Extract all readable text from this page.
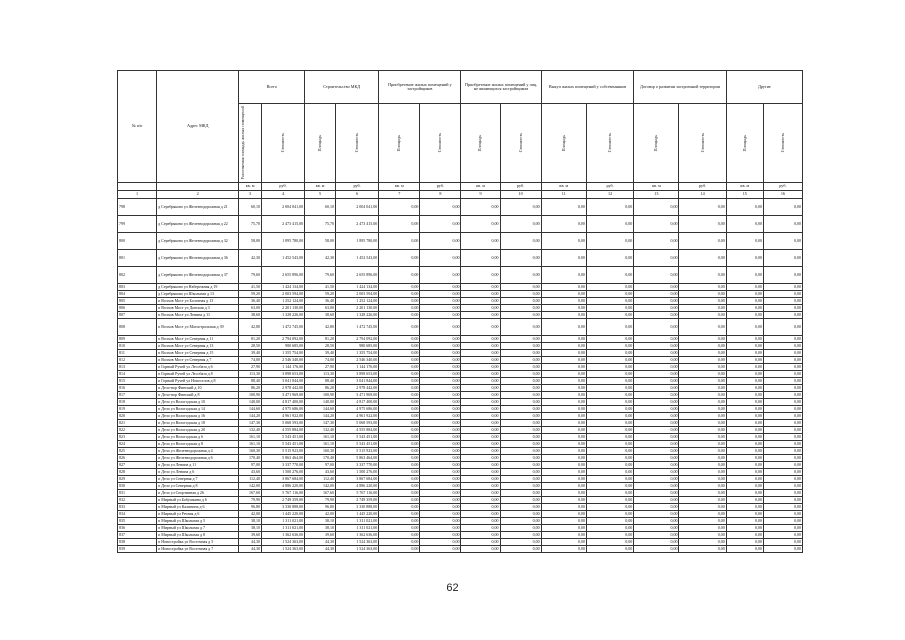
№ п/п	Адрес МКД	Всего		Строительство МКД		Приобретение жилых помещений у застройщиков		Приобретение жилых помещений у лиц, не являющихся застройщиком		Выкуп жилых помещений у собственников		Договор о развитии застроенной территории		Другие	

		Расселяемая площадь жилых помещений	Стоимость	Площадь	Стоимость	Площадь	Стоимость	Площадь	Стоимость	Площадь	Стоимость	Площадь	Стоимость	Площадь	Стоимость

		кв. м	руб.	кв. м	руб.	кв. м	руб.	кв. м	руб.	кв. м	руб.	кв. м	руб.	кв. м	руб.
1	2	3	4	5	6	7	8	9	10	11	12	13	14	15	16
798	д Серебряково ул Железнодорожная д 21	60,10	2 004 041,00	60,10	2 004 041,00	0,00	0,00	0,00	0,00	0,00	0,00	0,00	0,00	0,00	0,00
799	д Серебряково ул Железнодорожная д 22	75,70	2 473 415,00	75,70	2 473 415,00	0,00	0,00	0,00	0,00	0,00	0,00	0,00	0,00	0,00	0,00
800	д Серебряково ул Железнодорожная д 32	58,00	1 895 780,00	58,00	1 895 780,00	0,00	0,00	0,00	0,00	0,00	0,00	0,00	0,00	0,00	0,00
801	д Серебряково ул Железнодорожная д 36	42,30	1 452 543,00	42,30	1 452 543,00	0,00	0,00	0,00	0,00	0,00	0,00	0,00	0,00	0,00	0,00
802	д Серебряково ул Железнодорожная д 37	79,60	2 655 896,00	79,60	2 655 896,00	0,00	0,00	0,00	0,00	0,00	0,00	0,00	0,00	0,00	0,00
803	д Серебряково ул Набережная д 19	41,50	1 424 134,00	41,50	1 424 134,00	0,00	0,00	0,00	0,00	0,00	0,00	0,00	0,00	0,00	0,00
804	д Серебряково ул Школьная д 13	59,20	2 003 594,00	59,20	2 003 594,00	0,00	0,00	0,00	0,00	0,00	0,00	0,00	0,00	0,00	0,00
805	п Волхов Мост ул Болотная д 13	36,40	1 252 124,00	36,40	1 252 124,00	0,00	0,00	0,00	0,00	0,00	0,00	0,00	0,00	0,00	0,00
806	п Волхов Мост ул Донская д 3	63,00	2 201 130,00	63,00	2 201 130,00	0,00	0,00	0,00	0,00	0,00	0,00	0,00	0,00	0,00	0,00
807	п Волхов Мост ул Ленина д 11	38,60	1 328 226,00	38,60	1 328 226,00	0,00	0,00	0,00	0,00	0,00	0,00	0,00	0,00	0,00	0,00
808	п Волхов Мост ул Магистральная д 39	42,80	1 472 745,00	42,80	1 472 745,00	0,00	0,00	0,00	0,00	0,00	0,00	0,00	0,00	0,00	0,00
809	п Волхов Мост ул Северная д 11	81,20	2 794 092,00	81,20	2 794 092,00	0,00	0,00	0,00	0,00	0,00	0,00	0,00	0,00	0,00	0,00
810	п Волхов Мост ул Северная д 13	28,50	980 685,00	28,50	980 685,00	0,00	0,00	0,00	0,00	0,00	0,00	0,00	0,00	0,00	0,00
811	п Волхов Мост ул Северная д 15	39,40	1 355 754,00	39,40	1 355 754,00	0,00	0,00	0,00	0,00	0,00	0,00	0,00	0,00	0,00	0,00
812	п Волхов Мост ул Северная д 7	74,00	2 546 340,00	74,00	2 546 340,00	0,00	0,00	0,00	0,00	0,00	0,00	0,00	0,00	0,00	0,00
813	п Горный Ручей ул Лесобаза д 6	27,90	1 144 176,00	27,90	1 144 176,00	0,00	0,00	0,00	0,00	0,00	0,00	0,00	0,00	0,00	0,00
814	п Горный Ручей ул Лесобаза д 8	113,30	3 898 653,00	113,30	3 898 653,00	0,00	0,00	0,00	0,00	0,00	0,00	0,00	0,00	0,00	0,00
815	п Горный Ручей ул Новоселов д 8	88,40	3 041 844,00	88,40	3 041 844,00	0,00	0,00	0,00	0,00	0,00	0,00	0,00	0,00	0,00	0,00
816	п Дело-вор Финский д 10	86,20	2 978 442,00	86,20	2 978 442,00	0,00	0,00	0,00	0,00	0,00	0,00	0,00	0,00	0,00	0,00
817	п Дело-вор Финский д 8	100,90	3 471 969,00	100,90	3 471 969,00	0,00	0,00	0,00	0,00	0,00	0,00	0,00	0,00	0,00	0,00
818	п Дело ул Вологодская д 10	140,00	4 817 400,00	140,00	4 817 400,00	0,00	0,00	0,00	0,00	0,00	0,00	0,00	0,00	0,00	0,00
819	п Дело ул Вологодская д 14	144,60	4 975 686,00	144,60	4 975 686,00	0,00	0,00	0,00	0,00	0,00	0,00	0,00	0,00	0,00	0,00
820	п Дело ул Вологодская д 16	144,20	4 961 922,00	144,20	4 961 922,00	0,00	0,00	0,00	0,00	0,00	0,00	0,00	0,00	0,00	0,00
821	п Дело ул Вологодская д 18	147,30	5 068 593,00	147,30	5 068 593,00	0,00	0,00	0,00	0,00	0,00	0,00	0,00	0,00	0,00	0,00
822	п Дело ул Вологодская д 20	132,40	4 555 884,00	132,40	4 555 884,00	0,00	0,00	0,00	0,00	0,00	0,00	0,00	0,00	0,00	0,00
823	п Дело ул Вологодская д 6	161,10	5 543 451,00	161,10	5 543 451,00	0,00	0,00	0,00	0,00	0,00	0,00	0,00	0,00	0,00	0,00
824	п Дело ул Вологодская д 8	161,10	5 543 451,00	161,10	5 543 451,00	0,00	0,00	0,00	0,00	0,00	0,00	0,00	0,00	0,00	0,00
825	п Дело ул Железнодорожная д 4	160,30	5 515 923,00	160,30	5 515 923,00	0,00	0,00	0,00	0,00	0,00	0,00	0,00	0,00	0,00	0,00
826	п Дело ул Железнодорожная д 6	170,40	5 863 464,00	170,40	5 863 464,00	0,00	0,00	0,00	0,00	0,00	0,00	0,00	0,00	0,00	0,00
827	п Дело ул Ленина д 11	97,00	3 337 770,00	97,00	3 337 770,00	0,00	0,00	0,00	0,00	0,00	0,00	0,00	0,00	0,00	0,00
828	п Дело ул Ленина д 6	43,60	1 500 276,00	43,60	1 500 276,00	0,00	0,00	0,00	0,00	0,00	0,00	0,00	0,00	0,00	0,00
829	п Дело ул Северная д 7	112,40	3 867 684,00	112,40	3 867 684,00	0,00	0,00	0,00	0,00	0,00	0,00	0,00	0,00	0,00	0,00
830	п Дело ул Северная д 8	142,00	4 886 220,00	142,00	4 886 220,00	0,00	0,00	0,00	0,00	0,00	0,00	0,00	0,00	0,00	0,00
831	п Дело ул Спортивная д 26	167,60	5 767 116,00	167,60	5 767 116,00	0,00	0,00	0,00	0,00	0,00	0,00	0,00	0,00	0,00	0,00
832	п Мирный ул Бабушкина д 6	79,90	2 749 359,00	79,90	2 749 359,00	0,00	0,00	0,00	0,00	0,00	0,00	0,00	0,00	0,00	0,00
833	п Мирный ул Калинина д 6	96,80	3 330 888,00	96,80	3 330 888,00	0,00	0,00	0,00	0,00	0,00	0,00	0,00	0,00	0,00	0,00
834	п Мирный ул Речная д 6	42,00	1 445 220,00	42,00	1 445 220,00	0,00	0,00	0,00	0,00	0,00	0,00	0,00	0,00	0,00	0,00
835	п Мирный ул Школьная д 5	38,10	1 311 021,00	38,10	1 311 021,00	0,00	0,00	0,00	0,00	0,00	0,00	0,00	0,00	0,00	0,00
836	п Мирный ул Школьная д 7	38,10	1 311 021,00	38,10	1 311 021,00	0,00	0,00	0,00	0,00	0,00	0,00	0,00	0,00	0,00	0,00
837	п Мирный ул Школьная д 8	39,60	1 362 636,00	39,60	1 362 636,00	0,00	0,00	0,00	0,00	0,00	0,00	0,00	0,00	0,00	0,00
838	п Новостройка ул Восточная д 5	44,30	1 524 363,00	44,30	1 524 363,00	0,00	0,00	0,00	0,00	0,00	0,00	0,00	0,00	0,00	0,00
839	п Новостройка ул Восточная д 7	44,30	1 524 363,00	44,30	1 524 363,00	0,00	0,00	0,00	0,00	0,00	0,00	0,00	0,00	0,00	0,00
62
